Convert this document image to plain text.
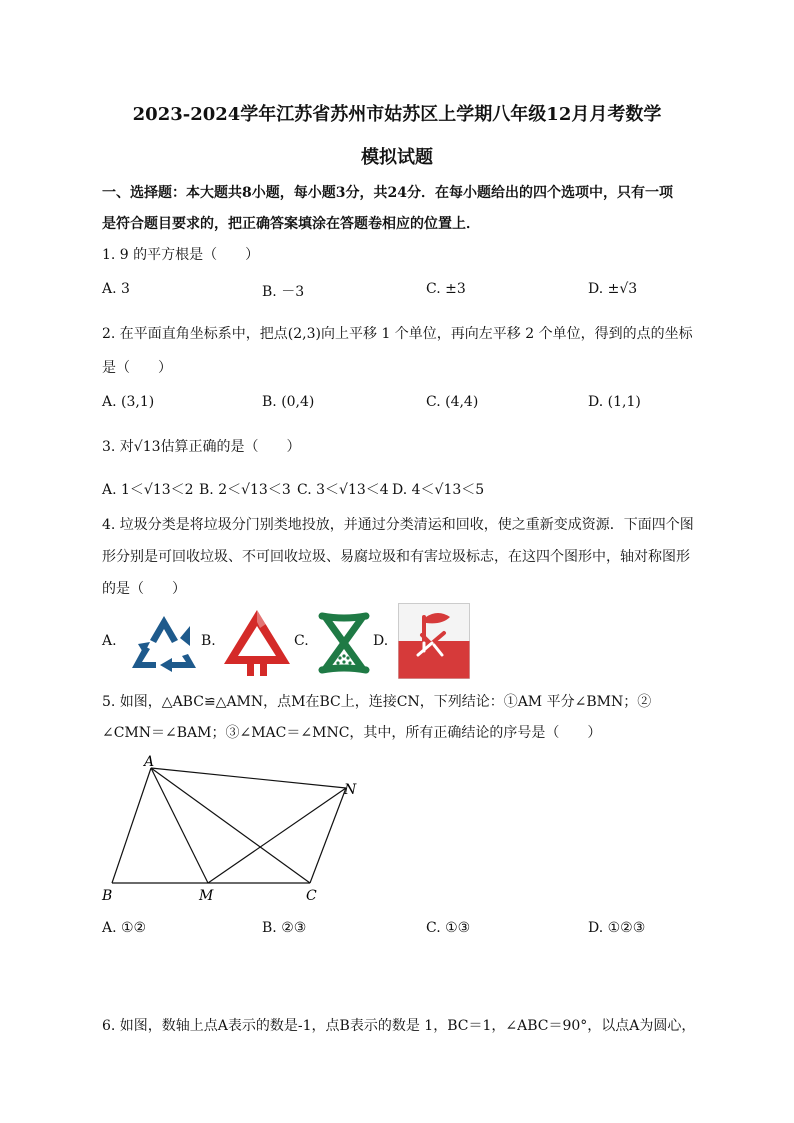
2023-2024学年江苏省苏州市姑苏区上学期八年级12月月考数学
模拟试题
一、选择题：本大题共8小题，每小题3分，共24分．在每小题给出的四个选项中，只有一项
是符合题目要求的，把正确答案填涂在答题卷相应的位置上．
1. 9 的平方根是（　　）
A. 3	B. －3	C. ±3	D. ±√3
2. 在平面直角坐标系中，把点(2,3)向上平移 1 个单位，再向左平移 2 个单位，得到的点的坐标
是（　　）
A. (3,1)	B. (0,4)	C. (4,4)	D. (1,1)
3. 对√13估算正确的是（　　）
A. 1＜√13＜2 B. 2＜√13＜3 C. 3＜√13＜4 D. 4＜√13＜5
4. 垃圾分类是将垃圾分门别类地投放，并通过分类清运和回收，使之重新变成资源．下面四个图
形分别是可回收垃圾、不可回收垃圾、易腐垃圾和有害垃圾标志，在这四个图形中，轴对称图形
的是（　　）
A.	B.	C.	D.
5. 如图，△ABC≌△AMN，点M在BC上，连接CN，下列结论：①AM 平分∠BMN；②
∠CMN＝∠BAM；③∠MAC＝∠MNC，其中，所有正确结论的序号是（　　）
A
B	M	C
N
A. ①②	B. ②③	C. ①③	D. ①②③
6. 如图，数轴上点A表示的数是-1，点B表示的数是 1，BC＝1，∠ABC＝90°，以点A为圆心，
